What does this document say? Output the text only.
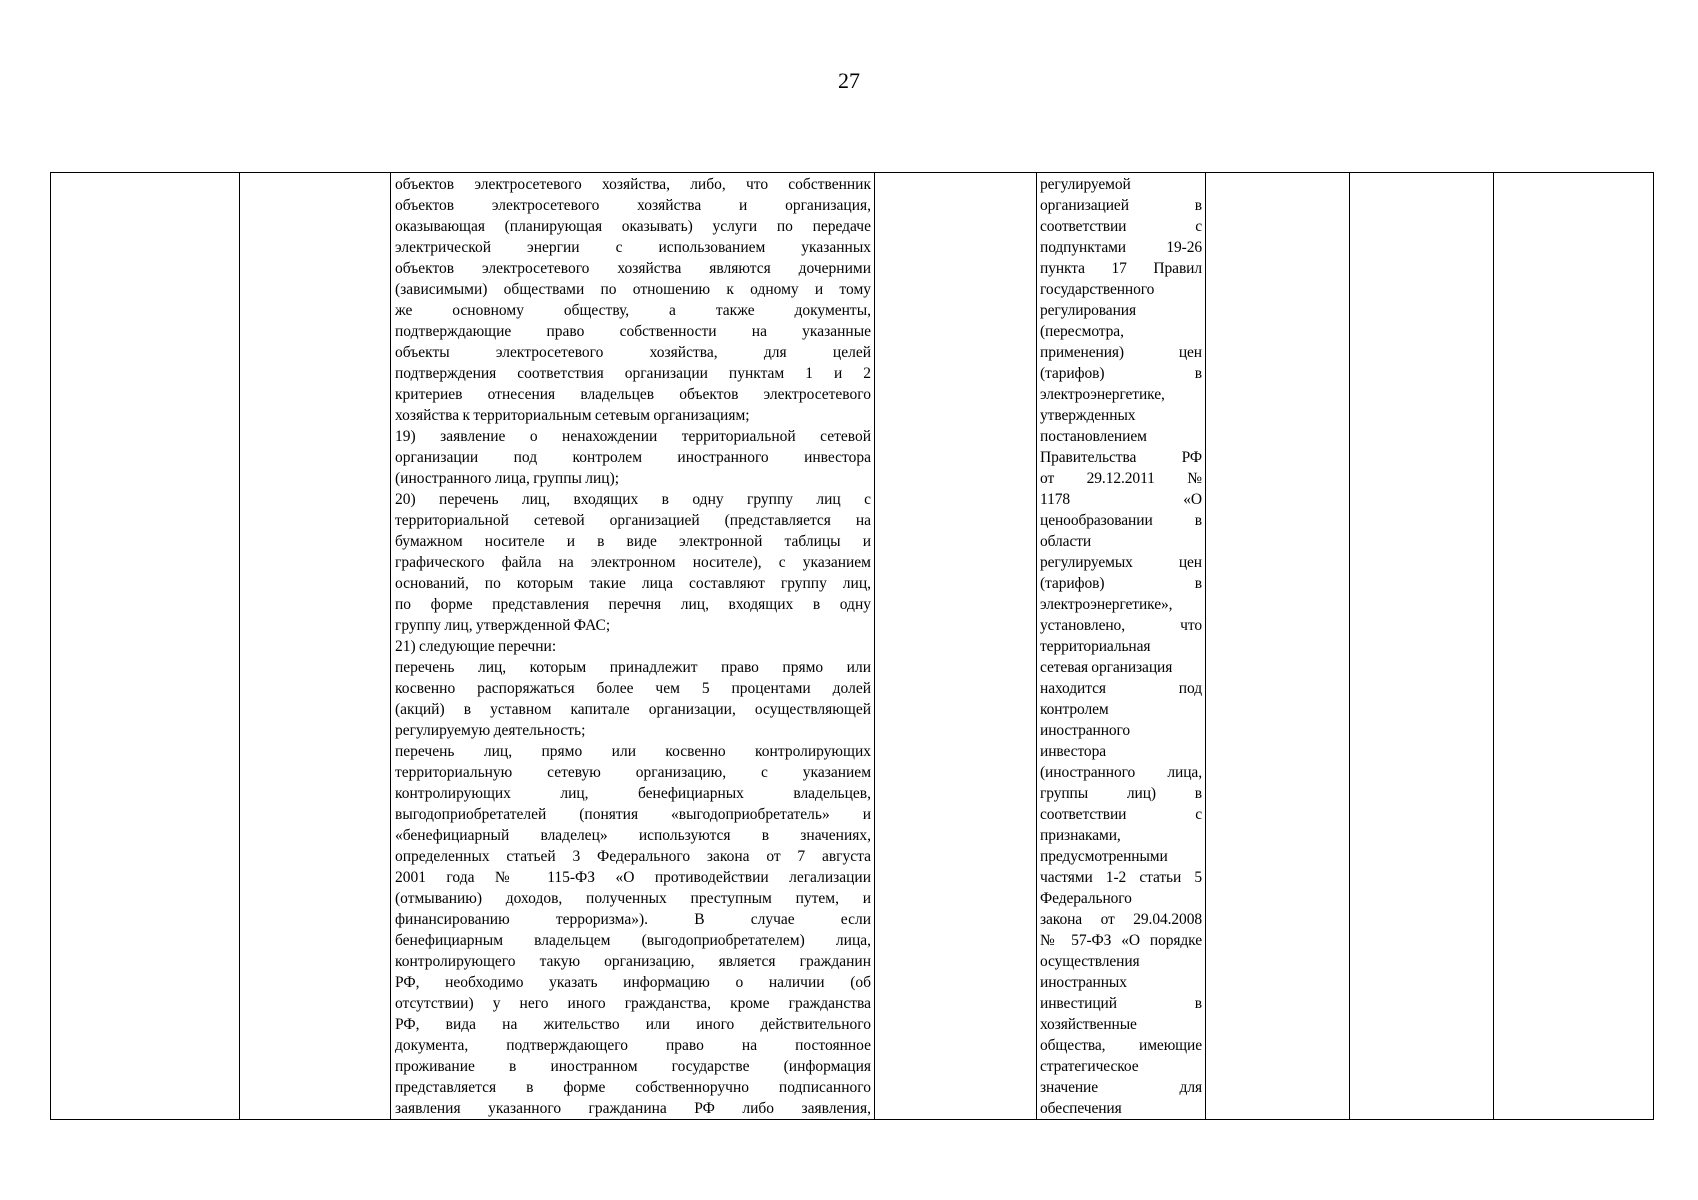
27

объектов электросетевого хозяйства, либо, что собственник
объектов электросетевого хозяйства и организация,
оказывающая (планирующая оказывать) услуги по передаче
электрической энергии с использованием указанных
объектов электросетевого хозяйства являются дочерними
(зависимыми) обществами по отношению к одному и тому
же основному обществу, а также документы,
подтверждающие право собственности на указанные
объекты электросетевого хозяйства, для целей
подтверждения соответствия организации пунктам 1 и 2
критериев отнесения владельцев объектов электросетевого
хозяйства к территориальным сетевым организациям;
19) заявление о ненахождении территориальной сетевой
организации под контролем иностранного инвестора
(иностранного лица, группы лиц);
20) перечень лиц, входящих в одну группу лиц с
территориальной сетевой организацией (представляется на
бумажном носителе и в виде электронной таблицы и
графического файла на электронном носителе), с указанием
оснований, по которым такие лица составляют группу лиц,
по форме представления перечня лиц, входящих в одну
группу лиц, утвержденной ФАС;
21) следующие перечни:
перечень лиц, которым принадлежит право прямо или
косвенно распоряжаться более чем 5 процентами долей
(акций) в уставном капитале организации, осуществляющей
регулируемую деятельность;
перечень лиц, прямо или косвенно контролирующих
территориальную сетевую организацию, с указанием
контролирующих лиц, бенефициарных владельцев,
выгодоприобретателей (понятия «выгодоприобретатель» и
«бенефициарный владелец» используются в значениях,
определенных статьей 3 Федерального закона от 7 августа
2001 года № 115-ФЗ «О противодействии легализации
(отмыванию) доходов, полученных преступным путем, и
финансированию терроризма»). В случае если
бенефициарным владельцем (выгодоприобретателем) лица,
контролирующего такую организацию, является гражданин
РФ, необходимо указать информацию о наличии (об
отсутствии) у него иного гражданства, кроме гражданства
РФ, вида на жительство или иного действительного
документа, подтверждающего право на постоянное
проживание в иностранном государстве (информация
представляется в форме собственноручно подписанного
заявления указанного гражданина РФ либо заявления,

регулируемой
организацией в
соответствии с
подпунктами 19-26
пункта 17 Правил
государственного
регулирования
(пересмотра,
применения) цен
(тарифов) в
электроэнергетике,
утвержденных
постановлением
Правительства РФ
от 29.12.2011 №
1178 «О
ценообразовании в
области
регулируемых цен
(тарифов) в
электроэнергетике»,
установлено, что
территориальная
сетевая организация
находится под
контролем
иностранного
инвестора
(иностранного лица,
группы лиц) в
соответствии с
признаками,
предусмотренными
частями 1-2 статьи 5
Федерального
закона от 29.04.2008
№ 57-ФЗ «О порядке
осуществления
иностранных
инвестиций в
хозяйственные
общества, имеющие
стратегическое
значение для
обеспечения
